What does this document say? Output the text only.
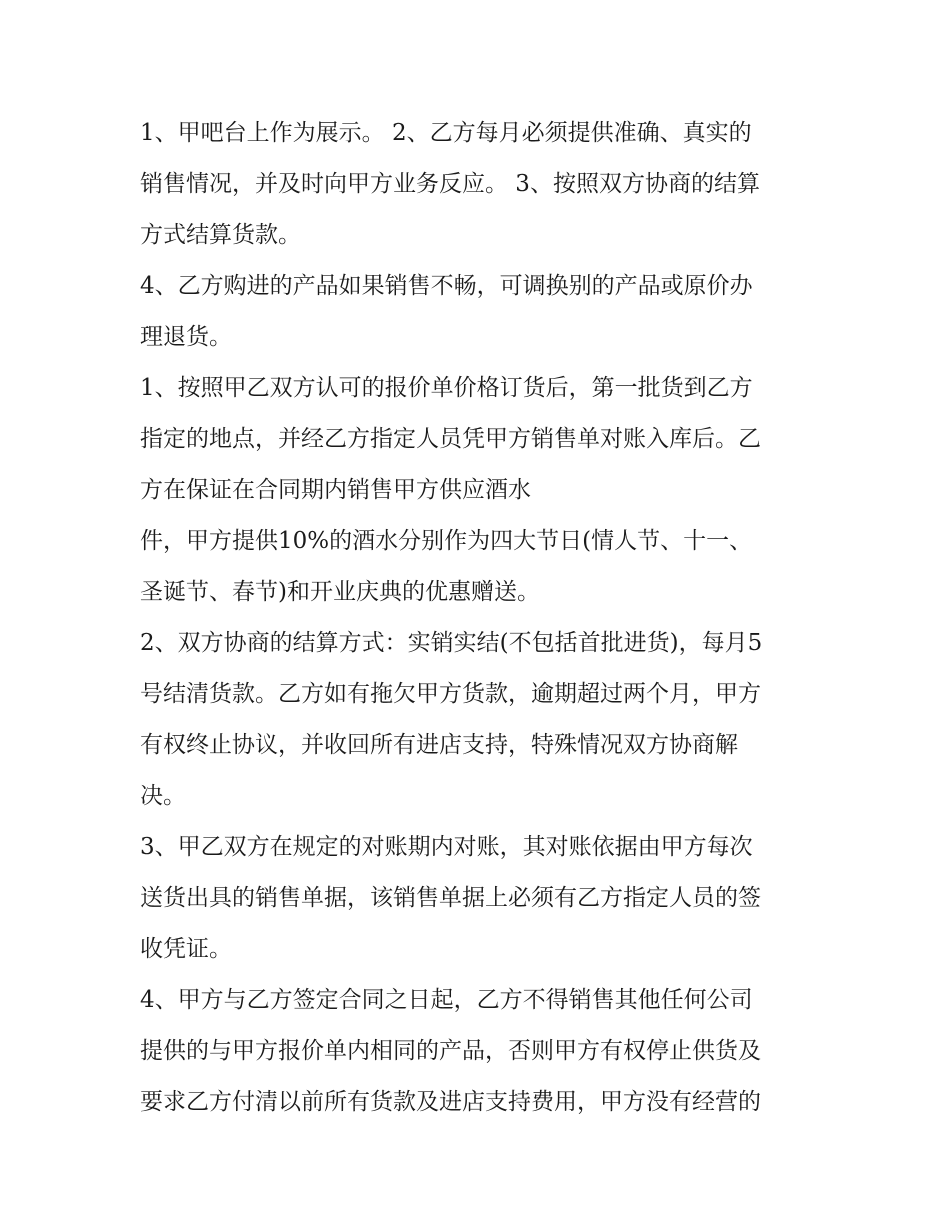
1、甲吧台上作为展示。 2、乙方每月必须提供准确、真实的
销售情况，并及时向甲方业务反应。 3、按照双方协商的结算
方式结算货款。

4、乙方购进的产品如果销售不畅，可调换别的产品或原价办
理退货。

1、按照甲乙双方认可的报价单价格订货后，第一批货到乙方
指定的地点，并经乙方指定人员凭甲方销售单对账入库后。乙
方在保证在合同期内销售甲方供应酒水

件，甲方提供10%的酒水分别作为四大节日(情人节、十一、
圣诞节、春节)和开业庆典的优惠赠送。

2、双方协商的结算方式：实销实结(不包括首批进货)，每月5
号结清货款。乙方如有拖欠甲方货款，逾期超过两个月，甲方
有权终止协议，并收回所有进店支持，特殊情况双方协商解
决。

3、甲乙双方在规定的对账期内对账，其对账依据由甲方每次
送货出具的销售单据，该销售单据上必须有乙方指定人员的签
收凭证。

4、甲方与乙方签定合同之日起，乙方不得销售其他任何公司
提供的与甲方报价单内相同的产品，否则甲方有权停止供货及
要求乙方付清以前所有货款及进店支持费用，甲方没有经营的
